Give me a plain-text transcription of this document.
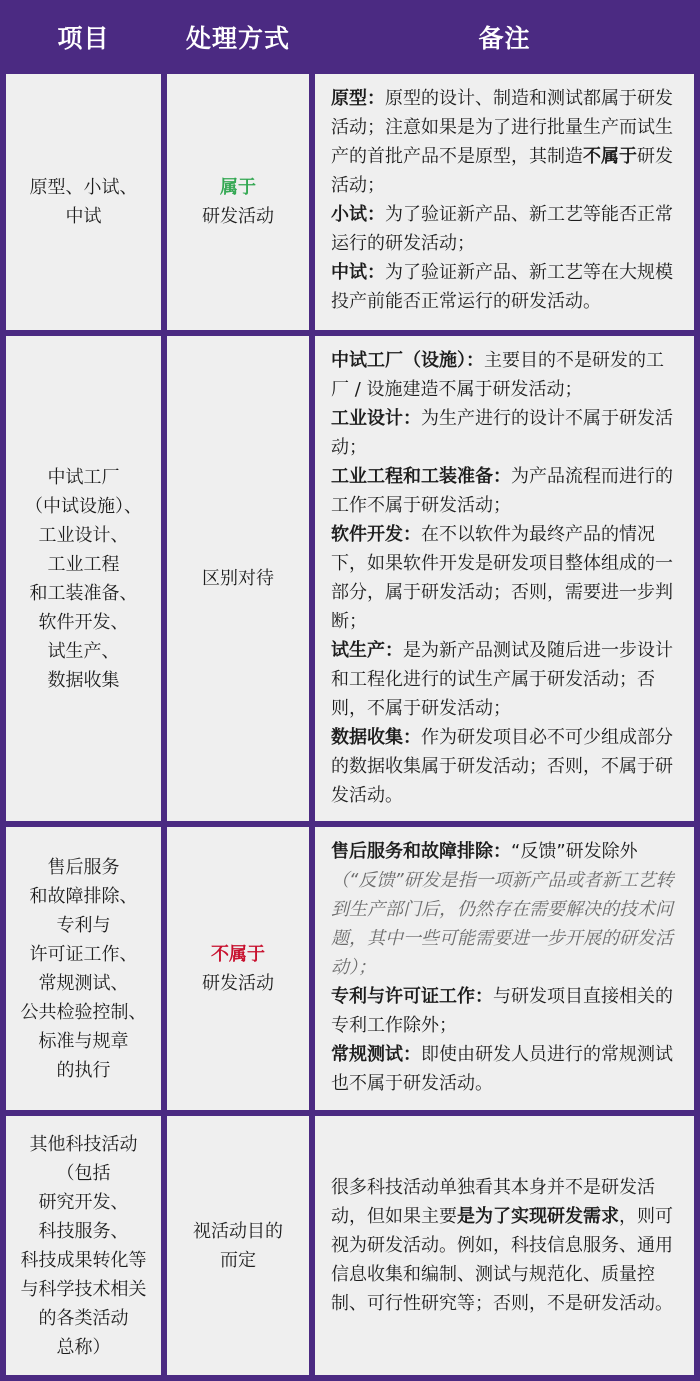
项目	处理方式	备注
原型、小试、
中试
属于
研发活动

原型：原型的设计、制造和测试都属于研发活动；注意如果是为了进行批量生产而试生产的首批产品不是原型，其制造不属于研发活动；

小试：为了验证新产品、新工艺等能否正常运行的研发活动；

中试：为了验证新产品、新工艺等在大规模投产前能否正常运行的研发活动。

中试工厂
（中试设施）、
工业设计、
工业工程
和工装准备、
软件开发、
试生产、
数据收集
区别对待

中试工厂（设施）：主要目的不是研发的工厂 / 设施建造不属于研发活动；

工业设计：为生产进行的设计不属于研发活动；

工业工程和工装准备：为产品流程而进行的工作不属于研发活动；

软件开发：在不以软件为最终产品的情况下，如果软件开发是研发项目整体组成的一部分，属于研发活动；否则，需要进一步判断；

试生产：是为新产品测试及随后进一步设计和工程化进行的试生产属于研发活动；否则，不属于研发活动；

数据收集：作为研发项目必不可少组成部分的数据收集属于研发活动；否则，不属于研发活动。

售后服务
和故障排除、
专利与
许可证工作、
常规测试、
公共检验控制、
标准与规章
的执行
不属于
研发活动

售后服务和故障排除：“反馈”研发除外（“反馈”研发是指一项新产品或者新工艺转到生产部门后，仍然存在需要解决的技术问题，其中一些可能需要进一步开展的研发活动）；

专利与许可证工作：与研发项目直接相关的专利工作除外；

常规测试：即使由研发人员进行的常规测试也不属于研发活动。

其他科技活动
（包括
研究开发、
科技服务、
科技成果转化等
与科学技术相关
的各类活动
总称）
视活动目的
而定

很多科技活动单独看其本身并不是研发活动，但如果主要是为了实现研发需求，则可视为研发活动。例如，科技信息服务、通用信息收集和编制、测试与规范化、质量控制、可行性研究等；否则，不是研发活动。
